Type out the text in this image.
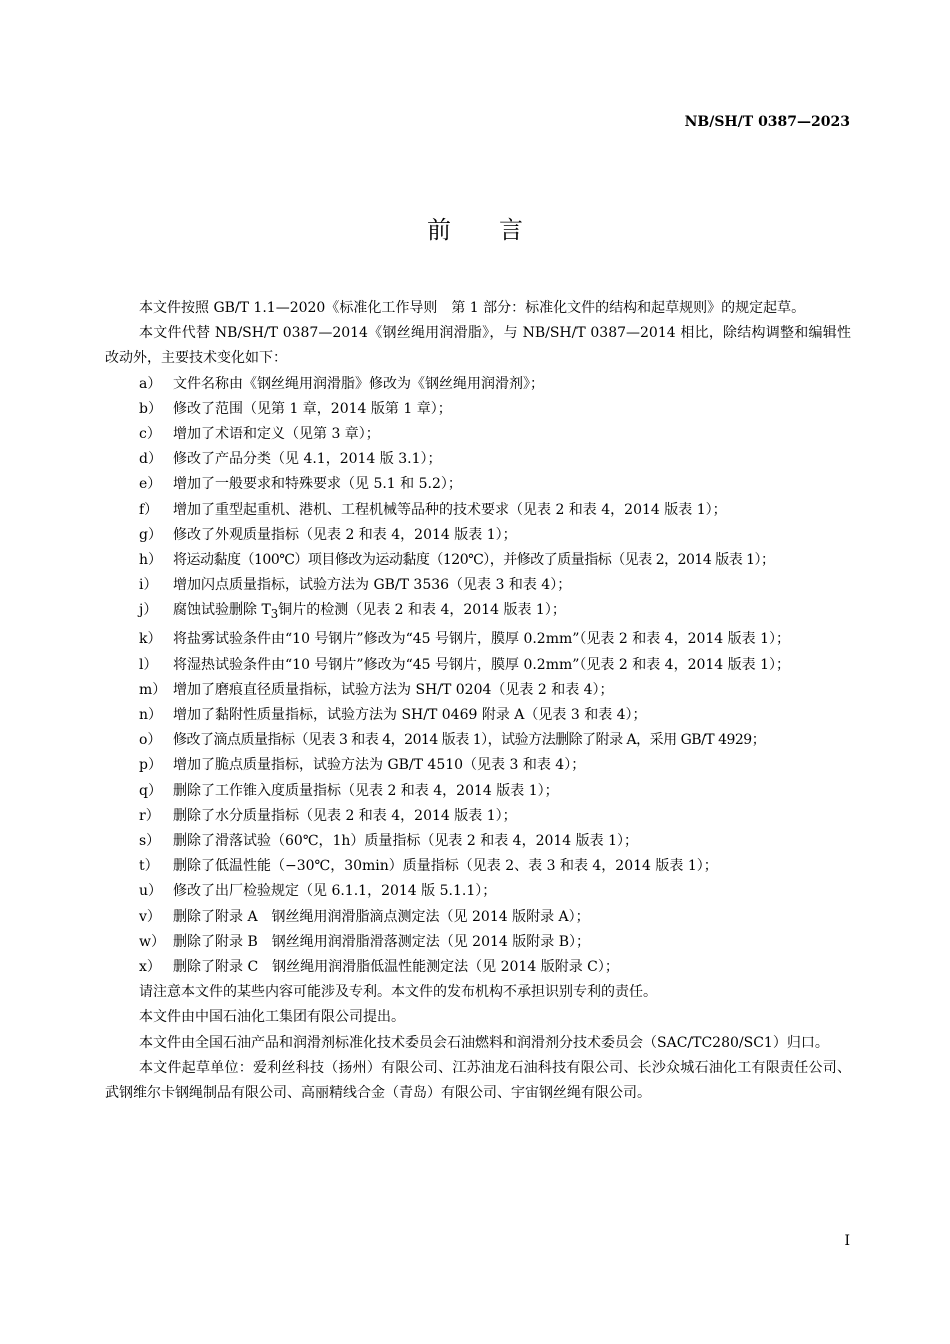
NB/SH/T 0387—2023
前言

本文件按照 GB/T 1.1—2020《标准化工作导则　第 1 部分：标准化文件的结构和起草规则》的规定起草。

本文件代替 NB/SH/T 0387—2014《钢丝绳用润滑脂》，与 NB/SH/T 0387—2014 相比，除结构调整和编辑性改动外，主要技术变化如下：

a） 文件名称由《钢丝绳用润滑脂》修改为《钢丝绳用润滑剂》；
b） 修改了范围（见第 1 章，2014 版第 1 章）；
c） 增加了术语和定义（见第 3 章）；
d） 修改了产品分类（见 4.1，2014 版 3.1）；
e） 增加了一般要求和特殊要求（见 5.1 和 5.2）；
f）	增加了重型起重机、港机、工程机械等品种的技术要求（见表 2 和表 4，2014 版表 1）；
g） 修改了外观质量指标（见表 2 和表 4，2014 版表 1）；
h） 将运动黏度（100℃）项目修改为运动黏度（120℃），并修改了质量指标（见表 2，2014 版表 1）；
i）	增加闪点质量指标，试验方法为 GB/T 3536（见表 3 和表 4）；
j）	腐蚀试验删除 $T_3$铜片的检测（见表 2 和表 4，2014 版表 1）；
k） 将盐雾试验条件由“10 号钢片”修改为“45 号钢片，膜厚 0.2mm”（见表 2 和表 4，2014 版表 1）；
l）	将湿热试验条件由“10 号钢片”修改为“45 号钢片，膜厚 0.2mm”（见表 2 和表 4，2014 版表 1）；
m） 增加了磨痕直径质量指标，试验方法为 SH/T 0204（见表 2 和表 4）；
n） 增加了黏附性质量指标，试验方法为 SH/T 0469 附录 A（见表 3 和表 4）；
o） 修改了滴点质量指标（见表 3 和表 4，2014 版表 1），试验方法删除了附录 A，采用 GB/T 4929；
p） 增加了脆点质量指标，试验方法为 GB/T 4510（见表 3 和表 4）；
q） 删除了工作锥入度质量指标（见表 2 和表 4，2014 版表 1）；
r） 删除了水分质量指标（见表 2 和表 4，2014 版表 1）；
s） 删除了滑落试验（60℃，1h）质量指标（见表 2 和表 4，2014 版表 1）；
t）	删除了低温性能（−30℃，30min）质量指标（见表 2、表 3 和表 4，2014 版表 1）；
u） 修改了出厂检验规定（见 6.1.1，2014 版 5.1.1）；
v） 删除了附录 A　钢丝绳用润滑脂滴点测定法（见 2014 版附录 A）；
w） 删除了附录 B　钢丝绳用润滑脂滑落测定法（见 2014 版附录 B）；
x） 删除了附录 C　钢丝绳用润滑脂低温性能测定法（见 2014 版附录 C）；

请注意本文件的某些内容可能涉及专利。本文件的发布机构不承担识别专利的责任。

本文件由中国石油化工集团有限公司提出。

本文件由全国石油产品和润滑剂标准化技术委员会石油燃料和润滑剂分技术委员会（SAC/TC280/SC1）归口。

本文件起草单位：爱利丝科技（扬州）有限公司、江苏油龙石油科技有限公司、长沙众城石油化工有限责任公司、武钢维尔卡钢绳制品有限公司、高丽精线合金（青岛）有限公司、宇宙钢丝绳有限公司。

I
